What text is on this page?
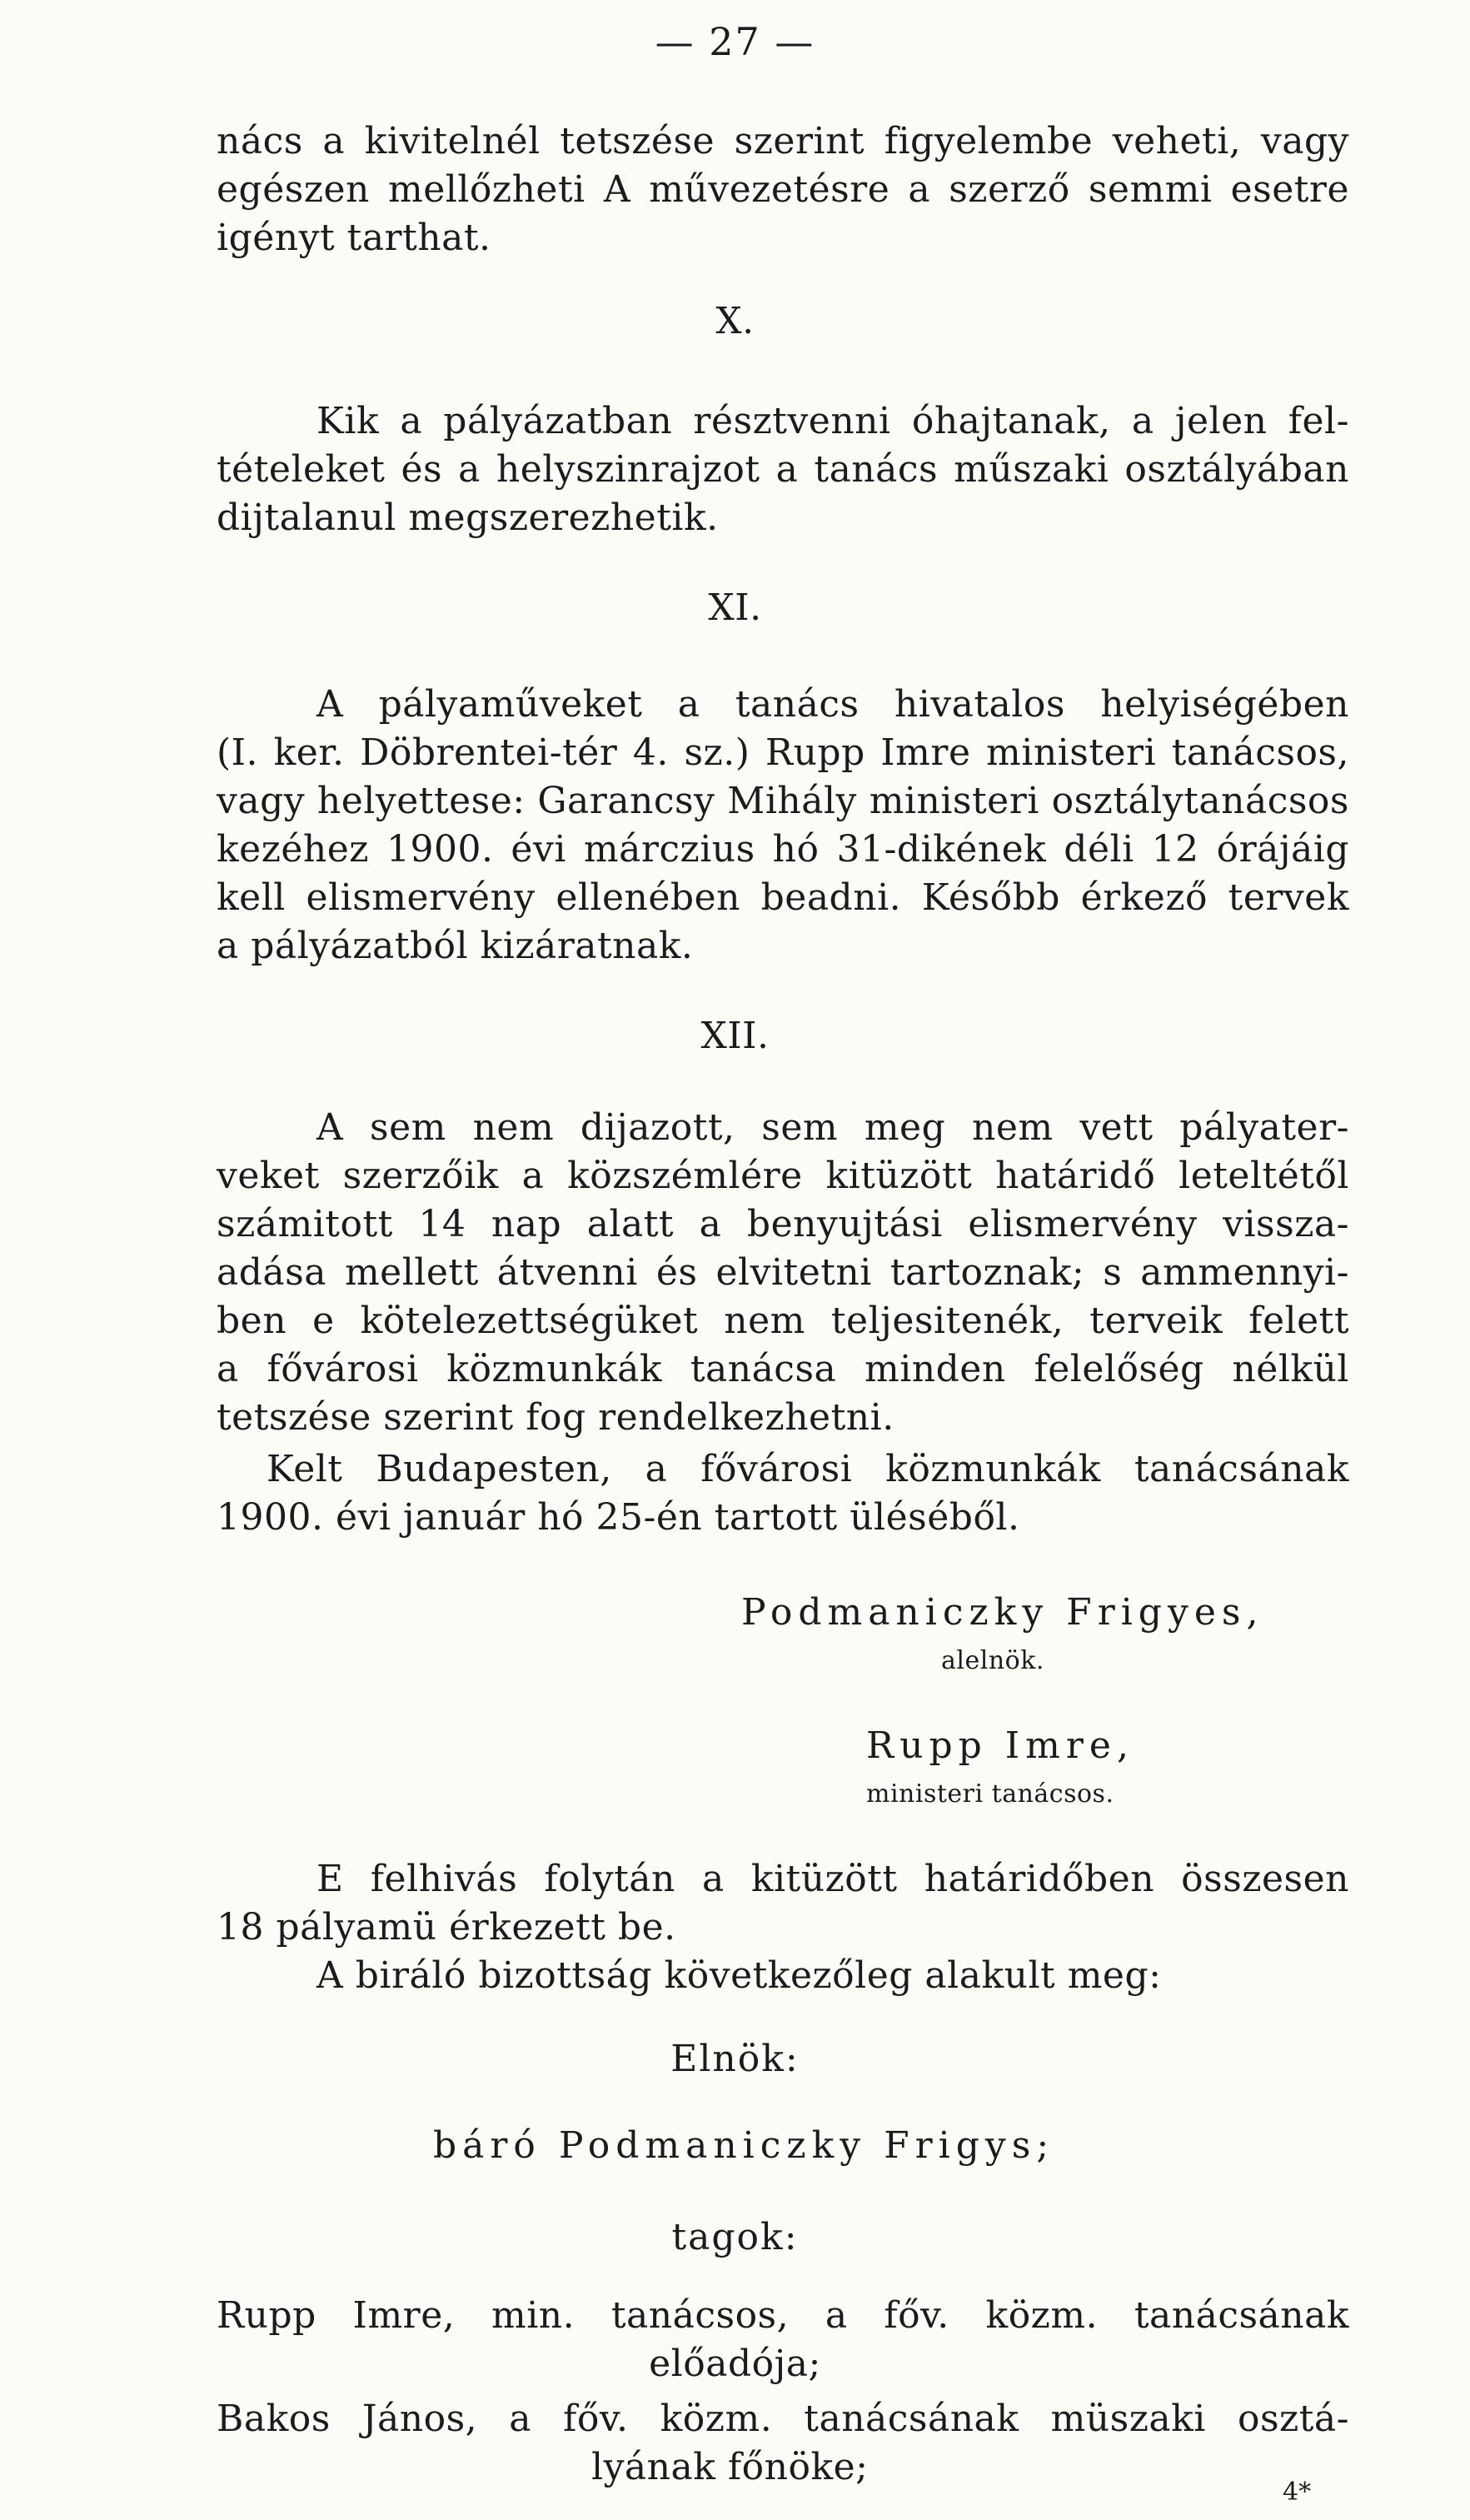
— 27 —
nács a kivitelnél tetszése szerint figyelembe veheti, vagy
egészen mellőzheti A művezetésre a szerző semmi esetre
igényt tarthat.
X.
Kik a pályázatban résztvenni óhajtanak, a jelen fel-
tételeket és a helyszinrajzot a tanács műszaki osztályában
dijtalanul megszerezhetik.
XI.
A pályaműveket a tanács hivatalos helyiségében
(I. ker. Döbrentei-tér 4. sz.) Rupp Imre ministeri tanácsos,
vagy helyettese: Garancsy Mihály ministeri osztálytanácsos
kezéhez 1900. évi márczius hó 31-dikének déli 12 órájáig
kell elismervény ellenében beadni. Később érkező tervek
a pályázatból kizáratnak.
XII.
A sem nem dijazott, sem meg nem vett pályater-
veket szerzőik a közszémlére kitüzött határidő leteltétől
számitott 14 nap alatt a benyujtási elismervény vissza-
adása mellett átvenni és elvitetni tartoznak; s ammennyi-
ben e kötelezettségüket nem teljesitenék, terveik felett
a fővárosi közmunkák tanácsa minden felelőség nélkül
tetszése szerint fog rendelkezhetni.
Kelt Budapesten, a fővárosi közmunkák tanácsának
1900. évi január hó 25-én tartott üléséből.
Podmaniczky Frigyes,
alelnök.
Rupp Imre,
ministeri tanácsos.
E felhivás folytán a kitüzött határidőben összesen
18 pályamü érkezett be.
A biráló bizottság következőleg alakult meg:
Elnök:
báró Podmaniczky Frigys;
tagok:
Rupp Imre, min. tanácsos, a főv. közm. tanácsának
előadója;
Bakos János, a főv. közm. tanácsának müszaki osztá-
lyának főnöke;
4*
